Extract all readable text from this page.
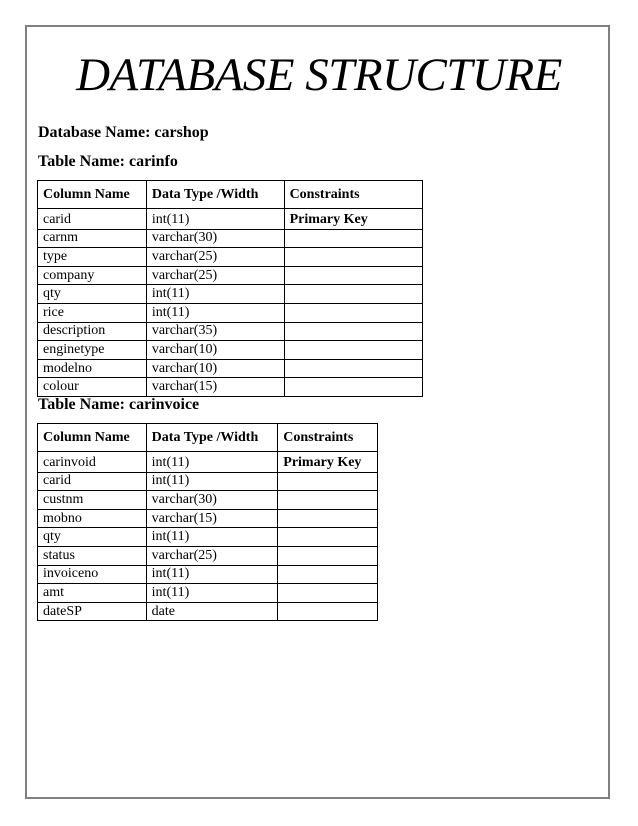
DATABASE STRUCTURE
Database Name: carshop
Table Name: carinfo
Column Name	Data Type /Width	Constraints
carid	int(11)	Primary Key
carnm	varchar(30)	
type	varchar(25)	
company	varchar(25)	
qty	int(11)	
rice	int(11)	
description	varchar(35)	
enginetype	varchar(10)	
modelno	varchar(10)	
colour	varchar(15)	
Table Name: carinvoice
Column Name	Data Type /Width	Constraints
carinvoid	int(11)	Primary Key
carid	int(11)	
custnm	varchar(30)	
mobno	varchar(15)	
qty	int(11)	
status	varchar(25)	
invoiceno	int(11)	
amt	int(11)	
dateSP	date	
